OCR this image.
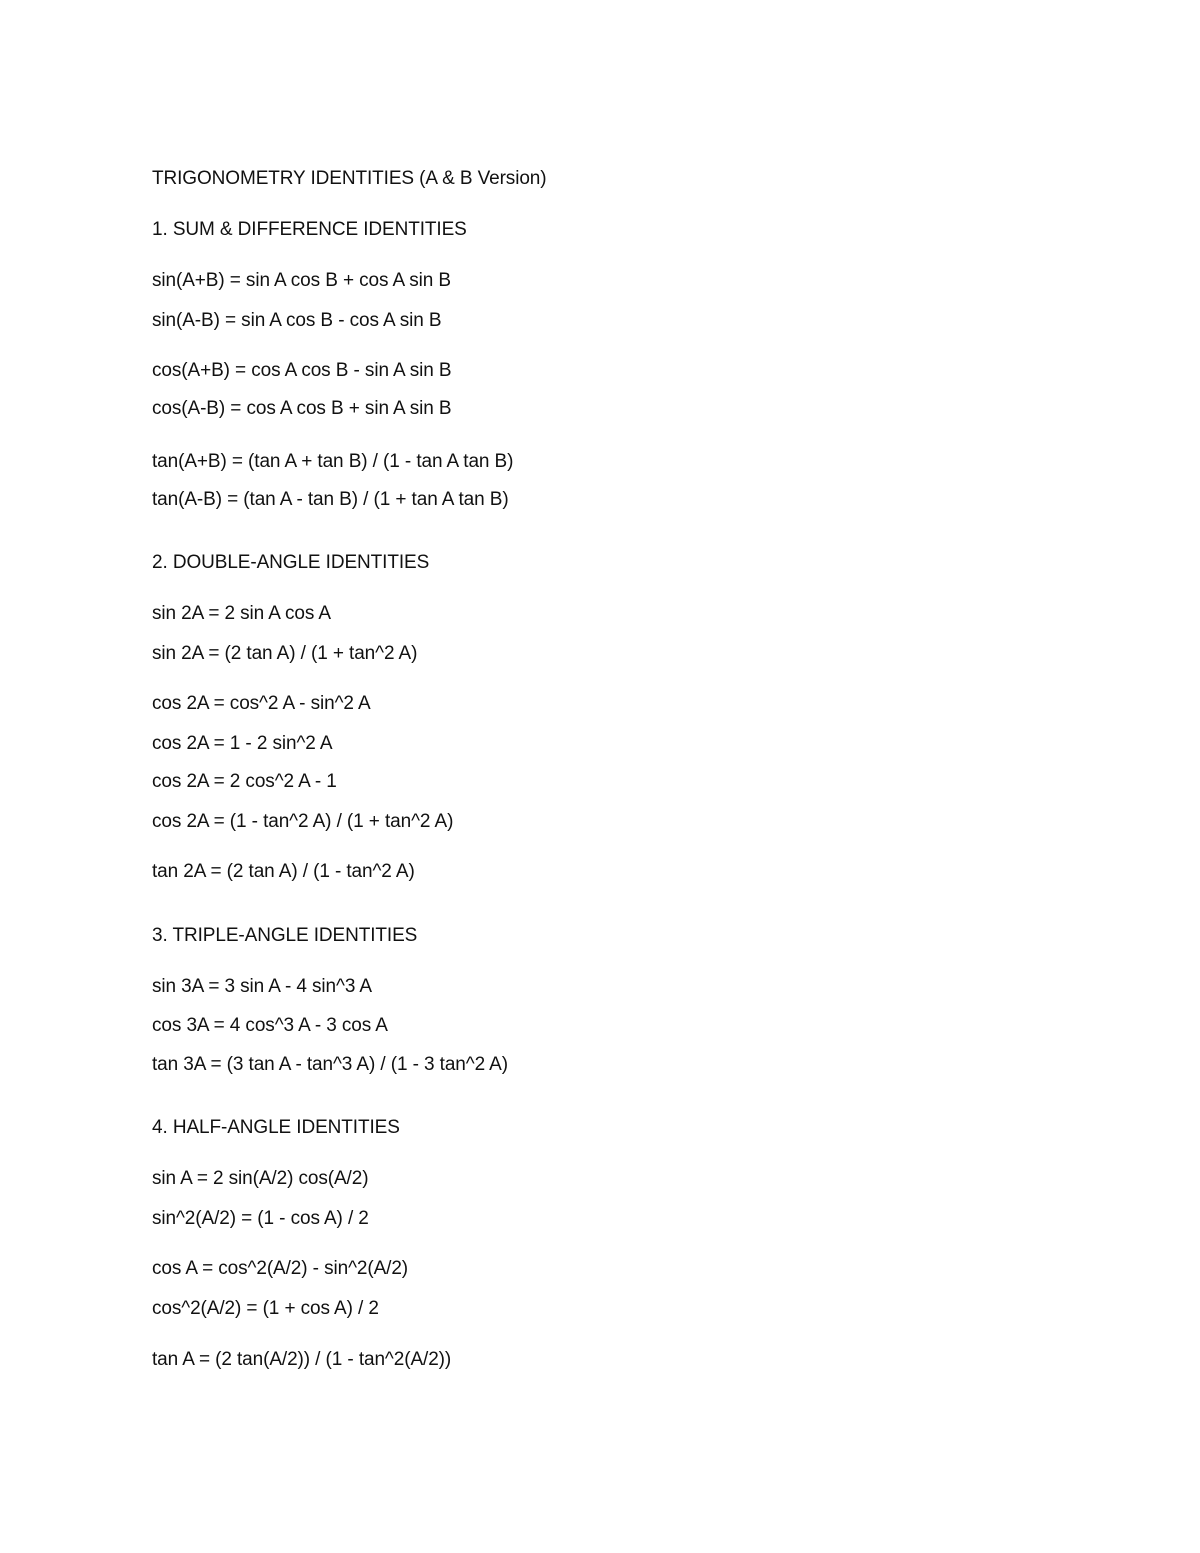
TRIGONOMETRY IDENTITIES (A & B Version)
1. SUM & DIFFERENCE IDENTITIES
sin(A+B) = sin A cos B + cos A sin B
sin(A-B) = sin A cos B - cos A sin B
cos(A+B) = cos A cos B - sin A sin B
cos(A-B) = cos A cos B + sin A sin B
tan(A+B) = (tan A + tan B) / (1 - tan A tan B)
tan(A-B) = (tan A - tan B) / (1 + tan A tan B)
2. DOUBLE-ANGLE IDENTITIES
sin 2A = 2 sin A cos A
sin 2A = (2 tan A) / (1 + tan^2 A)
cos 2A = cos^2 A - sin^2 A
cos 2A = 1 - 2 sin^2 A
cos 2A = 2 cos^2 A - 1
cos 2A = (1 - tan^2 A) / (1 + tan^2 A)
tan 2A = (2 tan A) / (1 - tan^2 A)
3. TRIPLE-ANGLE IDENTITIES
sin 3A = 3 sin A - 4 sin^3 A
cos 3A = 4 cos^3 A - 3 cos A
tan 3A = (3 tan A - tan^3 A) / (1 - 3 tan^2 A)
4. HALF-ANGLE IDENTITIES
sin A = 2 sin(A/2) cos(A/2)
sin^2(A/2) = (1 - cos A) / 2
cos A = cos^2(A/2) - sin^2(A/2)
cos^2(A/2) = (1 + cos A) / 2
tan A = (2 tan(A/2)) / (1 - tan^2(A/2))
